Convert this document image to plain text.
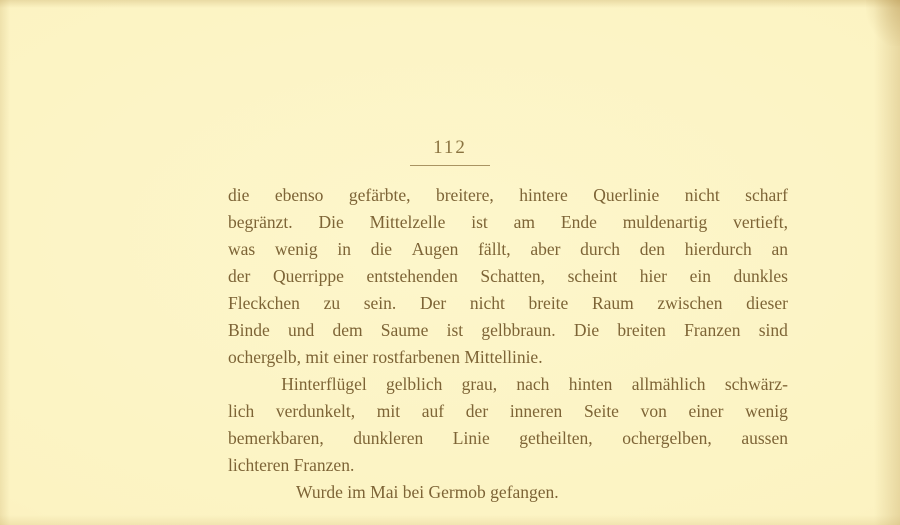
112

die ebenso gefärbte, breitere, hintere Querlinie nicht scharf
begränzt. Die Mittelzelle ist am Ende muldenartig vertieft,
was wenig in die Augen fällt, aber durch den hierdurch an
der Querrippe entstehenden Schatten, scheint hier ein dunkles
Fleckchen zu sein. Der nicht breite Raum zwischen dieser
Binde und dem Saume ist gelbbraun. Die breiten Franzen sind
ochergelb, mit einer rostfarbenen Mittellinie.

Hinterflügel gelblich grau, nach hinten allmählich schwärz-
lich verdunkelt, mit auf der inneren Seite von einer wenig
bemerkbaren, dunkleren Linie getheilten, ochergelben, aussen
lichteren Franzen.

Wurde im Mai bei Germob gefangen.
